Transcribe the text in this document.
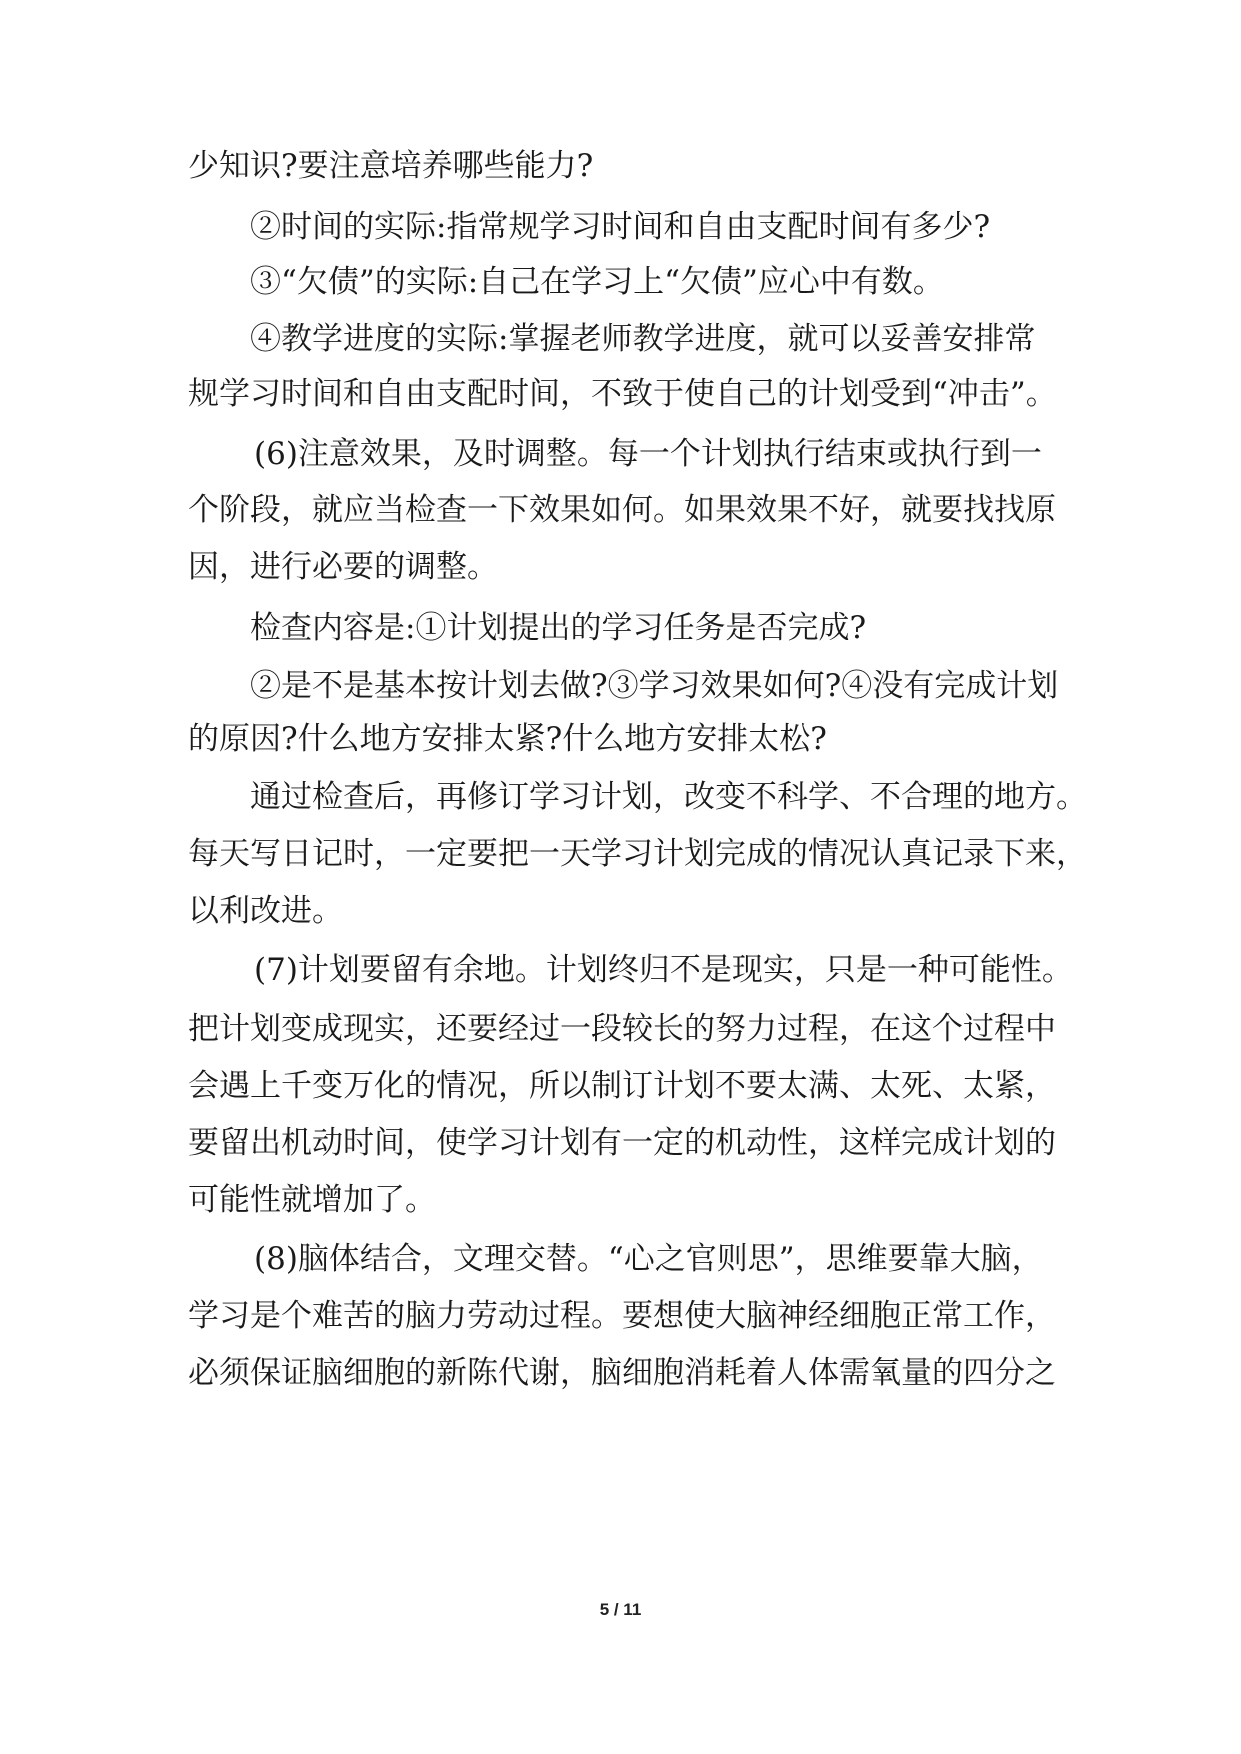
少知识?要注意培养哪些能力?
②时间的实际:指常规学习时间和自由支配时间有多少?
③“欠债”的实际:自己在学习上“欠债”应心中有数。
④教学进度的实际:掌握老师教学进度，就可以妥善安排常
规学习时间和自由支配时间，不致于使自己的计划受到“冲击”。
(6)注意效果，及时调整。每一个计划执行结束或执行到一
个阶段，就应当检查一下效果如何。如果效果不好，就要找找原
因，进行必要的调整。
检查内容是:①计划提出的学习任务是否完成?
②是不是基本按计划去做?③学习效果如何?④没有完成计划
的原因?什么地方安排太紧?什么地方安排太松?
通过检查后，再修订学习计划，改变不科学、不合理的地方。
每天写日记时，一定要把一天学习计划完成的情况认真记录下来，
以利改进。
(7)计划要留有余地。计划终归不是现实，只是一种可能性。
把计划变成现实，还要经过一段较长的努力过程，在这个过程中
会遇上千变万化的情况，所以制订计划不要太满、太死、太紧，
要留出机动时间，使学习计划有一定的机动性，这样完成计划的
可能性就增加了。
(8)脑体结合，文理交替。“心之官则思”，思维要靠大脑，
学习是个难苦的脑力劳动过程。要想使大脑神经细胞正常工作，
必须保证脑细胞的新陈代谢，脑细胞消耗着人体需氧量的四分之
5 / 11
